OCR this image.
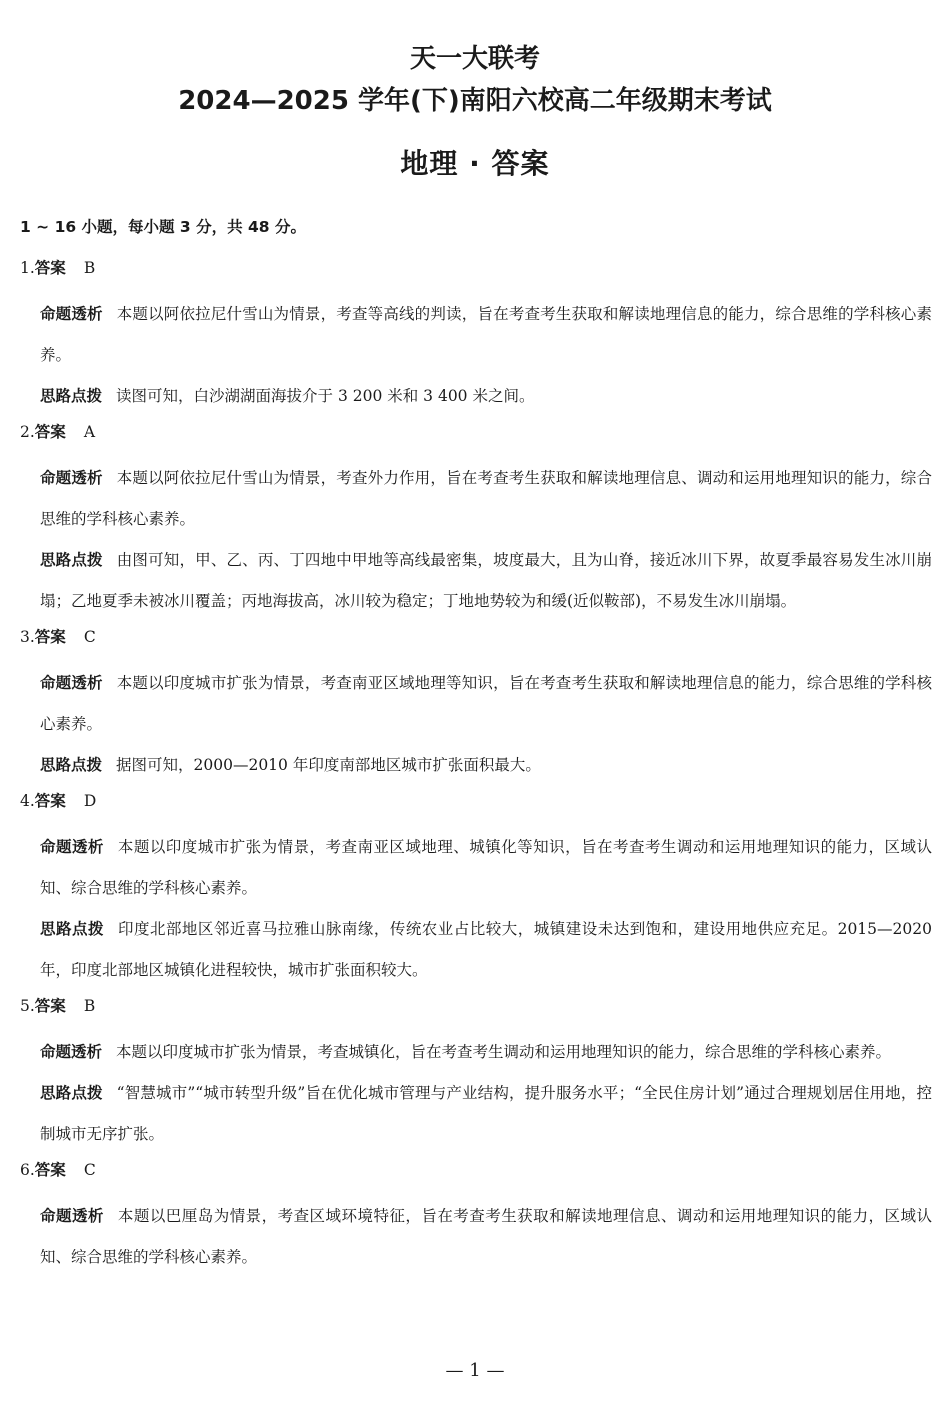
天一大联考
2024—2025 学年(下)南阳六校高二年级期末考试
地理 · 答案
1 ~ 16 小题，每小题 3 分，共 48 分。
1.答案 B
命题透析 本题以阿依拉尼什雪山为情景，考查等高线的判读，旨在考查考生获取和解读地理信息的能力，综合思维的学科核心素养。
思路点拨 读图可知，白沙湖湖面海拔介于 3 200 米和 3 400 米之间。
2.答案 A
命题透析 本题以阿依拉尼什雪山为情景，考查外力作用，旨在考查考生获取和解读地理信息、调动和运用地理知识的能力，综合思维的学科核心素养。
思路点拨 由图可知，甲、乙、丙、丁四地中甲地等高线最密集，坡度最大，且为山脊，接近冰川下界，故夏季最容易发生冰川崩塌；乙地夏季未被冰川覆盖；丙地海拔高，冰川较为稳定；丁地地势较为和缓(近似鞍部)，不易发生冰川崩塌。
3.答案 C
命题透析 本题以印度城市扩张为情景，考查南亚区域地理等知识，旨在考查考生获取和解读地理信息的能力，综合思维的学科核心素养。
思路点拨 据图可知，2000—2010 年印度南部地区城市扩张面积最大。
4.答案 D
命题透析 本题以印度城市扩张为情景，考查南亚区域地理、城镇化等知识，旨在考查考生调动和运用地理知识的能力，区域认知、综合思维的学科核心素养。
思路点拨 印度北部地区邻近喜马拉雅山脉南缘，传统农业占比较大，城镇建设未达到饱和，建设用地供应充足。2015—2020 年，印度北部地区城镇化进程较快，城市扩张面积较大。
5.答案 B
命题透析 本题以印度城市扩张为情景，考查城镇化，旨在考查考生调动和运用地理知识的能力，综合思维的学科核心素养。
思路点拨 “智慧城市”“城市转型升级”旨在优化城市管理与产业结构，提升服务水平；“全民住房计划”通过合理规划居住用地，控制城市无序扩张。
6.答案 C
命题透析 本题以巴厘岛为情景，考查区域环境特征，旨在考查考生获取和解读地理信息、调动和运用地理知识的能力，区域认知、综合思维的学科核心素养。
— 1 —
